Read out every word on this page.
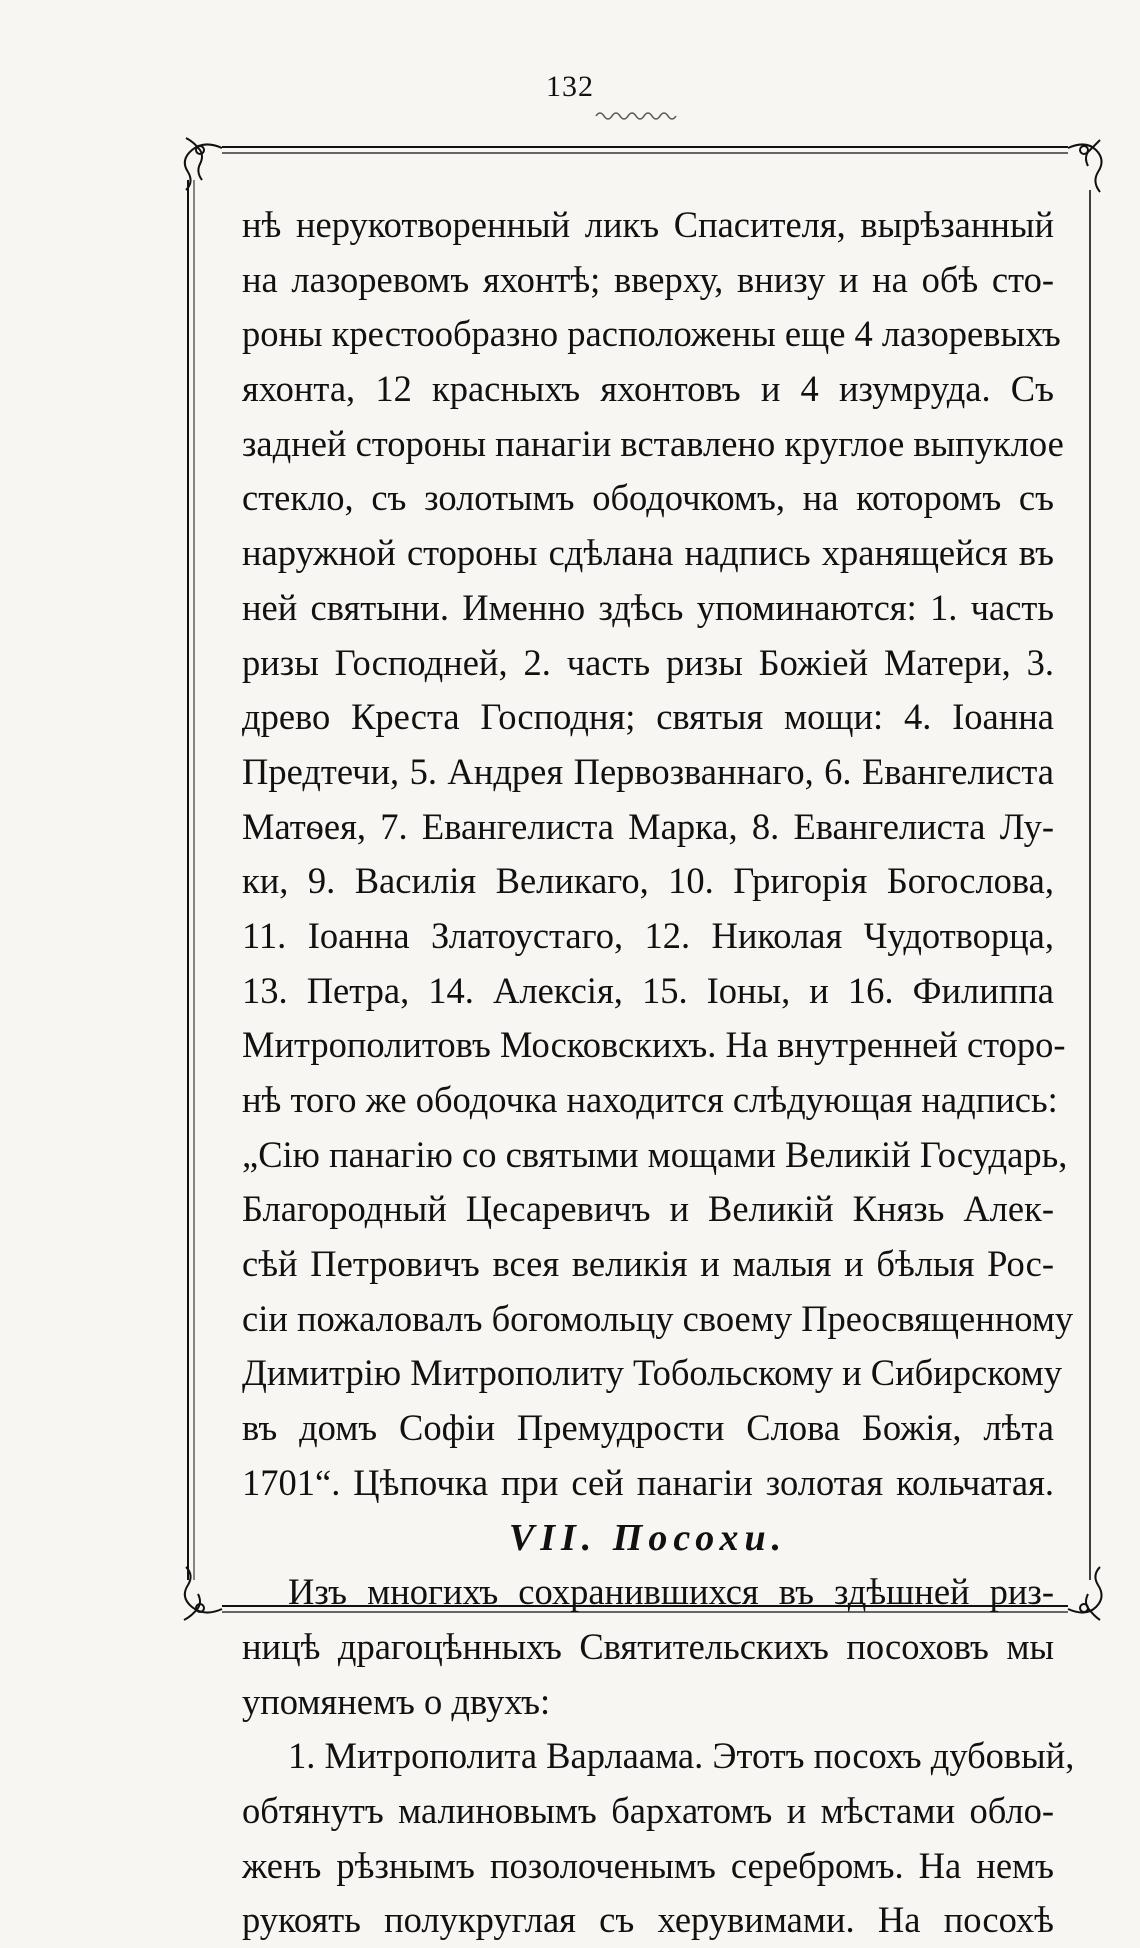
132
нѣ нерукотворенный ликъ Спасителя, вырѣзанный
на лазоревомъ яхонтѣ; вверху, внизу и на обѣ сто-
роны крестообразно расположены еще 4 лазоревыхъ
яхонта, 12 красныхъ яхонтовъ и 4 изумруда. Съ
задней стороны панагіи вставлено круглое выпуклое
стекло, съ золотымъ ободочкомъ, на которомъ съ
наружной стороны сдѣлана надпись хранящейся въ
ней святыни. Именно здѣсь упоминаются: 1. часть
ризы Господней, 2. часть ризы Божіей Матери, 3.
древо Креста Господня; святыя мощи: 4. Іоанна
Предтечи, 5. Андрея Первозваннаго, 6. Евангелиста
Матѳея, 7. Евангелиста Марка, 8. Евангелиста Лу-
ки, 9. Василія Великаго, 10. Григорія Богослова,
11. Іоанна Златоустаго, 12. Николая Чудотворца,
13. Петра, 14. Алексія, 15. Іоны, и 16. Филиппа
Митрополитовъ Московскихъ. На внутренней сторо-
нѣ того же ободочка нaходится слѣдующая надпись:
„Сію панагію со святыми мощами Великій Государь,
Благородный Цесаревичъ и Великій Князь Алек-
сѣй Петровичъ всея великія и малыя и бѣлыя Рос-
сіи пожаловалъ богомольцу своему Преосвященному
Димитрію Митрополиту Тобольскому и Сибирскому
въ домъ Софіи Премудрости Слова Божія, лѣта
1701“. Цѣпочка при сей панагіи золотая кольчатая.
VII. Посохи.
Изъ многихъ сохранившихся въ здѣшней риз-
ницѣ драгоцѣнныхъ Святительскихъ посоховъ мы
упомянемъ о двухъ:
1. Митрополита Варлаама. Этотъ посохъ дубовый,
обтянутъ малиновымъ бархатомъ и мѣстами обло-
женъ рѣзнымъ позолоченымъ серебромъ. На немъ
рукоять полукруглая съ херувимами. На посохѣ
